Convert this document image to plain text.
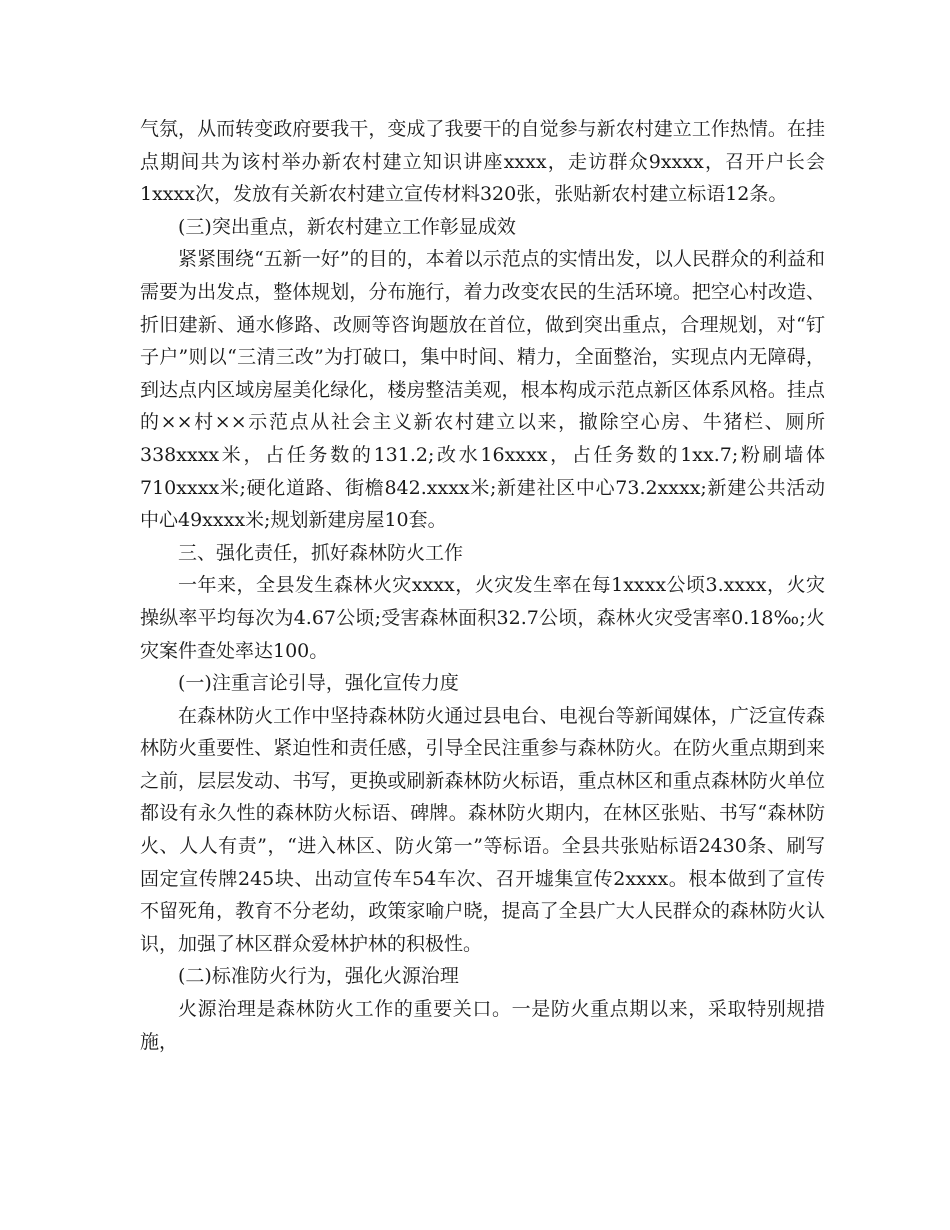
气氛，从而转变政府要我干，变成了我要干的自觉参与新农村建立工作热情。在挂点期间共为该村举办新农村建立知识讲座xxxx，走访群众9xxxx，召开户长会1xxxx次，发放有关新农村建立宣传材料320张，张贴新农村建立标语12条。

(三)突出重点，新农村建立工作彰显成效

紧紧围绕“五新一好”的目的，本着以示范点的实情出发，以人民群众的利益和需要为出发点，整体规划，分布施行，着力改变农民的生活环境。把空心村改造、折旧建新、通水修路、改厕等咨询题放在首位，做到突出重点，合理规划，对“钉子户”则以“三清三改”为打破口，集中时间、精力，全面整治，实现点内无障碍，到达点内区域房屋美化绿化，楼房整洁美观，根本构成示范点新区体系风格。挂点的××村××示范点从社会主义新农村建立以来，撤除空心房、牛猪栏、厕所338xxxx米，占任务数的131.2;改水16xxxx，占任务数的1xx.7;粉刷墙体710xxxx米;硬化道路、街檐842.xxxx米;新建社区中心73.2xxxx;新建公共活动中心49xxxx米;规划新建房屋10套。

三、强化责任，抓好森林防火工作

一年来，全县发生森林火灾xxxx，火灾发生率在每1xxxx公顷3.xxxx，火灾操纵率平均每次为4.67公顷;受害森林面积32.7公顷，森林火灾受害率0.18‰;火灾案件查处率达100。

(一)注重言论引导，强化宣传力度

在森林防火工作中坚持森林防火通过县电台、电视台等新闻媒体，广泛宣传森林防火重要性、紧迫性和责任感，引导全民注重参与森林防火。在防火重点期到来之前，层层发动、书写，更换或刷新森林防火标语，重点林区和重点森林防火单位都设有永久性的森林防火标语、碑牌。森林防火期内，在林区张贴、书写“森林防火、人人有责”，“进入林区、防火第一”等标语。全县共张贴标语2430条、刷写固定宣传牌245块、出动宣传车54车次、召开墟集宣传2xxxx。根本做到了宣传不留死角，教育不分老幼，政策家喻户晓，提高了全县广大人民群众的森林防火认识，加强了林区群众爱林护林的积极性。

(二)标准防火行为，强化火源治理

火源治理是森林防火工作的重要关口。一是防火重点期以来，采取特别规措施，
